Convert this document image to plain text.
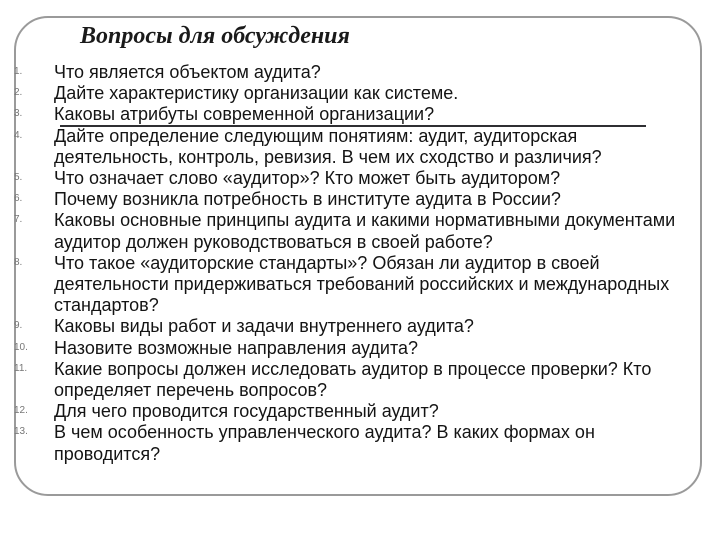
Вопросы для обсуждения
1. Что является объектом аудита?
2. Дайте характеристику организации как системе.
3. Каковы атрибуты современной организации?
4. Дайте определение следующим понятиям: аудит, аудиторская деятельность, контроль, ревизия. В чем их сходство и различия?
5. Что означает слово «аудитор»? Кто может быть аудитором?
6. Почему возникла потребность в институте аудита в России?
7. Каковы основные принципы аудита и какими нормативными документами аудитор должен руководствоваться в своей работе?
8. Что такое «аудиторские стандарты»? Обязан ли аудитор в своей деятельности придерживаться требований российских и международных стандартов?
9. Каковы виды работ и задачи внутреннего аудита?
10. Назовите возможные направления аудита?
11. Какие вопросы должен исследовать аудитор в процессе проверки? Кто определяет перечень вопросов?
12. Для чего проводится государственный аудит?
13. В чем особенность управленческого аудита? В каких формах он проводится?
